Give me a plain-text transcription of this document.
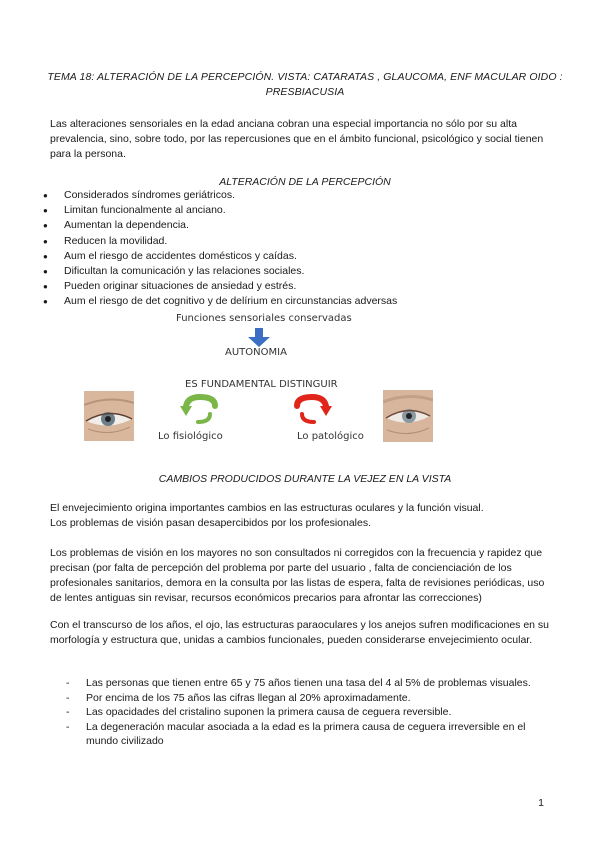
TEMA 18: ALTERACIÓN DE LA PERCEPCIÓN. VISTA: CATARATAS , GLAUCOMA, ENF MACULAR OIDO : PRESBIACUSIA
Las alteraciones sensoriales en la edad anciana cobran una especial importancia no sólo por su alta prevalencia, sino, sobre todo, por las repercusiones que en el ámbito funcional, psicológico y social tienen para la persona.
ALTERACIÓN DE LA PERCEPCIÓN
● Considerados síndromes geriátricos.
● Limitan funcionalmente al anciano.
● Aumentan la dependencia.
● Reducen la movilidad.
● Aum el riesgo de accidentes domésticos y caídas.
● Dificultan la comunicación y las relaciones sociales.
● Pueden originar situaciones de ansiedad y estrés.
● Aum el riesgo de det cognitivo y de delírium en circunstancias adversas
Funciones sensoriales conservadas
AUTONOMIA
ES FUNDAMENTAL DISTINGUIR
Lo fisiológico	Lo patológico
CAMBIOS PRODUCIDOS DURANTE LA VEJEZ EN LA VISTA
El envejecimiento origina importantes cambios en las estructuras oculares y la función visual.
Los problemas de visión pasan desapercibidos por los profesionales.
Los problemas de visión en los mayores no son consultados ni corregidos con la frecuencia y rapidez que precisan (por falta de percepción del problema por parte del usuario , falta de concienciación de los profesionales sanitarios, demora en la consulta por las listas de espera, falta de revisiones periódicas, uso de lentes antiguas sin revisar, recursos económicos precarios para afrontar las correcciones)
Con el transcurso de los años, el ojo, las estructuras paraoculares y los anejos sufren modificaciones en su morfología y estructura que, unidas a cambios funcionales, pueden considerarse envejecimiento ocular.
- Las personas que tienen entre 65 y 75 años tienen una tasa del 4 al 5% de problemas visuales.
- Por encima de los 75 años las cifras llegan al 20% aproximadamente.
- Las opacidades del cristalino suponen la primera causa de ceguera reversible.
- La degeneración macular asociada a la edad es la primera causa de ceguera irreversible en el mundo civilizado
1
